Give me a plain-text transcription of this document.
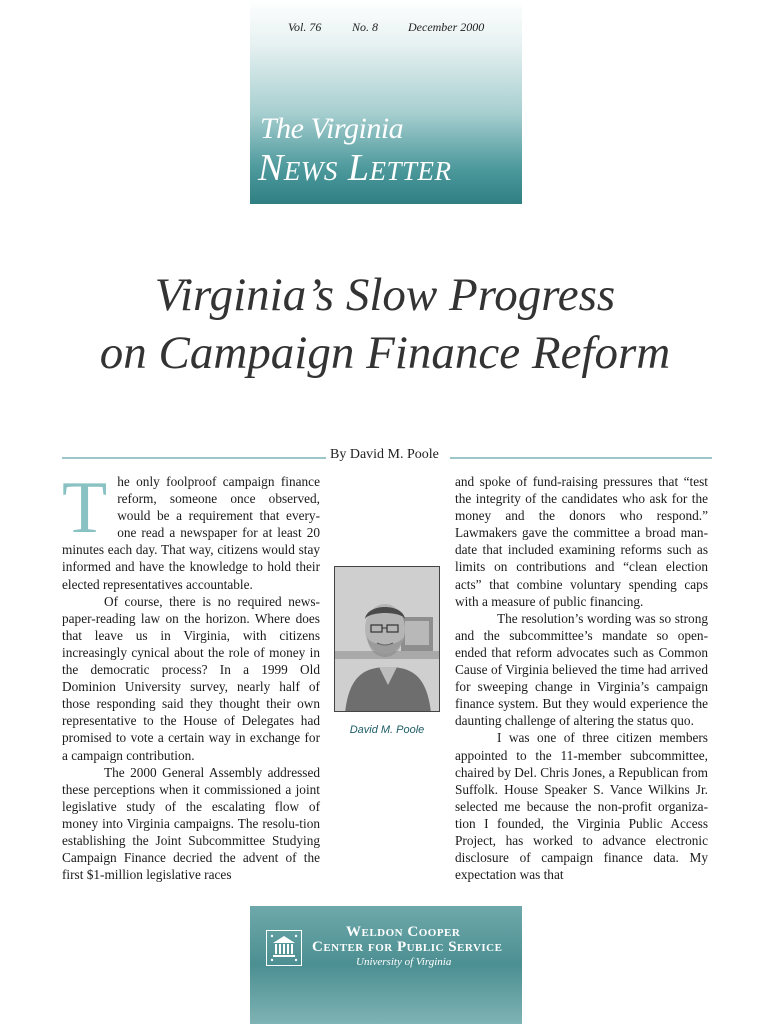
Vol. 76	No. 8 December 2000
The Virginia
News Letter
Virginia’s Slow Progress
on Campaign Finance Reform
By David M. Poole
T he only foolproof campaign finance reform, someone once observed, would be a requirement that every-one read a newspaper for at least 20 minutes each day. That way, citizens would stay informed and have the knowledge to hold their elected representatives accountable.

Of course, there is no required news-paper-reading law on the horizon. Where does that leave us in Virginia, with citizens increasingly cynical about the role of money in the democratic process? In a 1999 Old Dominion University survey, nearly half of those responding said they thought their own representative to the House of Delegates had promised to vote a certain way in exchange for a campaign contribution.

The 2000 General Assembly addressed these perceptions when it commissioned a joint legislative study of the escalating flow of money into Virginia campaigns. The resolu-tion establishing the Joint Subcommittee Studying Campaign Finance decried the advent of the first $1-million legislative races

David M. Poole

and spoke of fund-raising pressures that “test the integrity of the candidates who ask for the money and the donors who respond.” Lawmakers gave the committee a broad man-date that included examining reforms such as limits on contributions and “clean election acts” that combine voluntary spending caps with a measure of public financing.

The resolution’s wording was so strong and the subcommittee’s mandate so open-ended that reform advocates such as Common Cause of Virginia believed the time had arrived for sweeping change in Virginia’s campaign finance system. But they would experience the daunting challenge of altering the status quo.

I was one of three citizen members appointed to the 11-member subcommittee, chaired by Del. Chris Jones, a Republican from Suffolk. House Speaker S. Vance Wilkins Jr. selected me because the non-profit organiza-tion I founded, the Virginia Public Access Project, has worked to advance electronic disclosure of campaign finance data. My expectation was that

Weldon Cooper
Center for Public Service
University of Virginia
